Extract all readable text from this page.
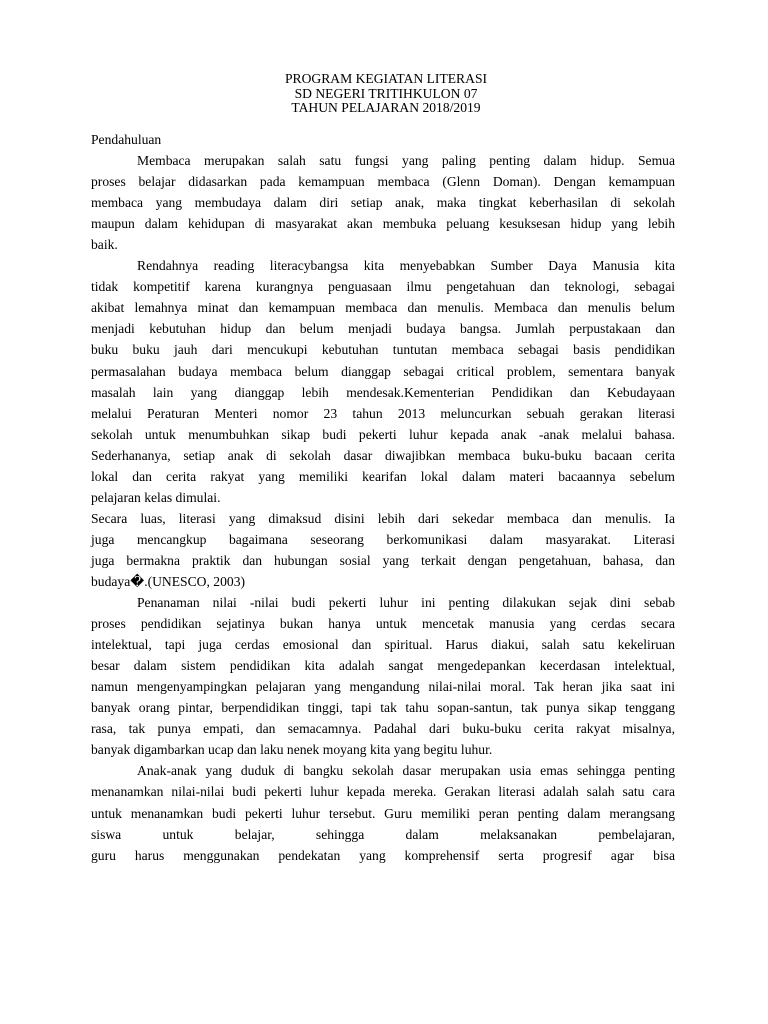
PROGRAM KEGIATAN LITERASI
SD NEGERI TRITIHKULON 07
TAHUN PELAJARAN 2018/2019
Pendahuluan
Membaca merupakan salah satu fungsi yang paling penting dalam hidup. Semua
proses belajar didasarkan pada kemampuan membaca (Glenn Doman). Dengan kemampuan
membaca yang membudaya dalam diri setiap anak, maka tingkat keberhasilan di sekolah
maupun dalam kehidupan di masyarakat akan membuka peluang kesuksesan hidup yang lebih
baik.
Rendahnya reading literacybangsa kita menyebabkan Sumber Daya Manusia kita
tidak kompetitif karena kurangnya penguasaan ilmu pengetahuan dan teknologi, sebagai
akibat lemahnya minat dan kemampuan membaca dan menulis. Membaca dan menulis belum
menjadi kebutuhan hidup dan belum menjadi budaya bangsa. Jumlah perpustakaan dan
buku buku jauh dari mencukupi kebutuhan tuntutan membaca sebagai basis pendidikan
permasalahan budaya membaca belum dianggap sebagai critical problem, sementara banyak
masalah lain yang dianggap lebih mendesak.Kementerian Pendidikan dan Kebudayaan
melalui Peraturan Menteri nomor 23 tahun 2013 meluncurkan sebuah gerakan literasi
sekolah untuk menumbuhkan sikap budi pekerti luhur kepada anak -anak melalui bahasa.
Sederhananya, setiap anak di sekolah dasar diwajibkan membaca buku-buku bacaan cerita
lokal dan cerita rakyat yang memiliki kearifan lokal dalam materi bacaannya sebelum
pelajaran kelas dimulai.
Secara luas, literasi yang dimaksud disini lebih dari sekedar membaca dan menulis. Ia
juga mencangkup bagaimana seseorang berkomunikasi dalam masyarakat. Literasi
juga bermakna praktik dan hubungan sosial yang terkait dengan pengetahuan, bahasa, dan
budaya�.(UNESCO, 2003)
Penanaman nilai -nilai budi pekerti luhur ini penting dilakukan sejak dini sebab
proses pendidikan sejatinya bukan hanya untuk mencetak manusia yang cerdas secara
intelektual, tapi juga cerdas emosional dan spiritual. Harus diakui, salah satu kekeliruan
besar dalam sistem pendidikan kita adalah sangat mengedepankan kecerdasan intelektual,
namun mengenyampingkan pelajaran yang mengandung nilai-nilai moral. Tak heran jika saat ini
banyak orang pintar, berpendidikan tinggi, tapi tak tahu sopan-santun, tak punya sikap tenggang
rasa, tak punya empati, dan semacamnya. Padahal dari buku-buku cerita rakyat misalnya,
banyak digambarkan ucap dan laku nenek moyang kita yang begitu luhur.
Anak-anak yang duduk di bangku sekolah dasar merupakan usia emas sehingga penting
menanamkan nilai-nilai budi pekerti luhur kepada mereka. Gerakan literasi adalah salah satu cara
untuk menanamkan budi pekerti luhur tersebut. Guru memiliki peran penting dalam merangsang
siswa untuk belajar, sehingga dalam melaksanakan pembelajaran,
guru harus menggunakan pendekatan yang komprehensif serta progresif agar bisa
